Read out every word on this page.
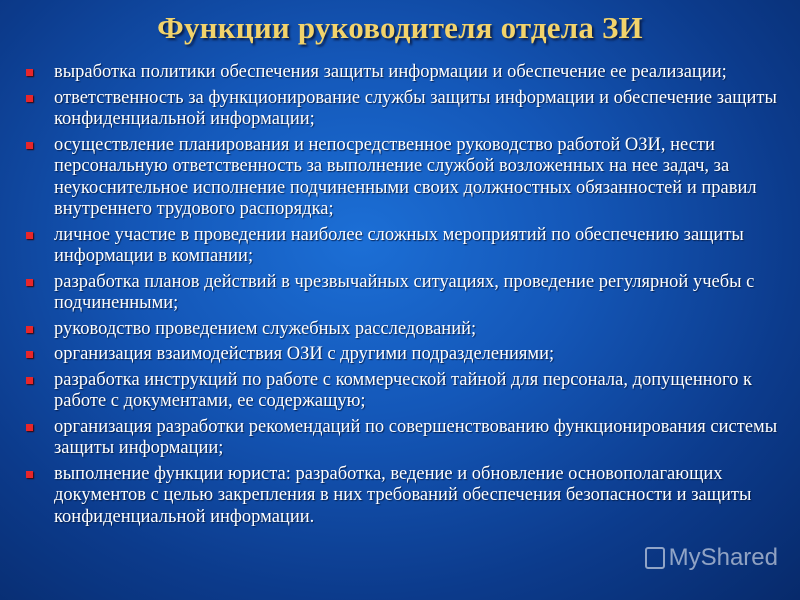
Функции руководителя отдела ЗИ
выработка политики обеспечения защиты информации и обеспечение ее реализации;
ответственность за функционирование службы защиты информации и обеспечение защиты конфиденциальной информации;
осуществление планирования и непосредственное руководство работой ОЗИ, нести персональную ответственность за выполнение службой возложенных на нее задач, за неукоснительное исполнение подчиненными своих должностных обязанностей и правил внутреннего трудового распорядка;
личное участие в проведении наиболее сложных мероприятий по обеспечению защиты информации в компании;
разработка планов действий в чрезвычайных ситуациях, проведение регулярной учебы с подчиненными;
руководство проведением служебных расследований;
организация взаимодействия ОЗИ с другими подразделениями;
разработка инструкций по работе с коммерческой тайной для персонала, допущенного к работе с документами, ее содержащую;
организация разработки рекомендаций по совершенствованию функционирования системы защиты информации;
выполнение функции юриста: разработка, ведение и обновление основополагающих документов с целью закрепления в них требований обеспечения безопасности и защиты конфиденциальной информации.
MyShared
